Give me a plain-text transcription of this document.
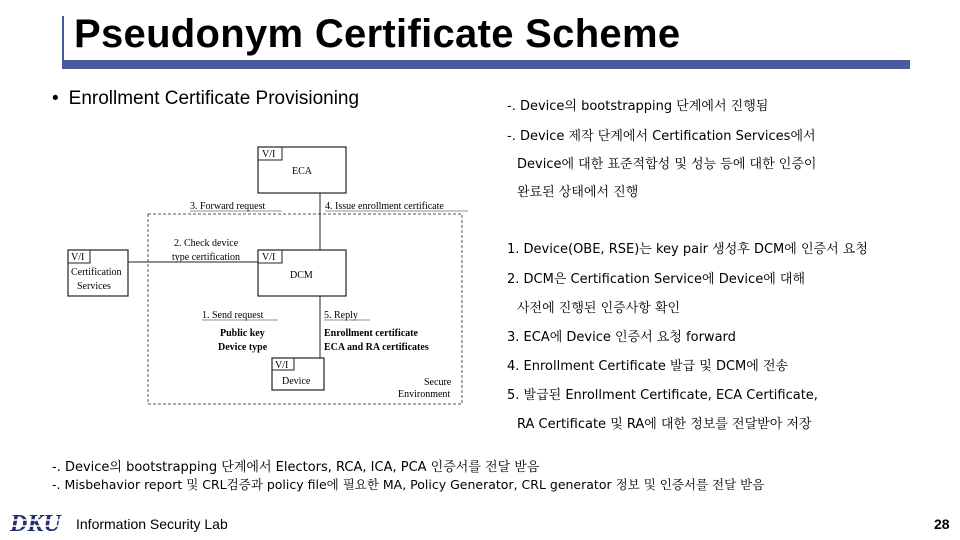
Pseudonym Certificate Scheme
• Enrollment Certificate Provisioning
V/I
ECA
3. Forward request	4. Issue enrollment certificate
2. Check device
type certification
V/I
Certification
Services
V/I
DCM
1. Send request
Public key
Device type
5. Reply
Enrollment certificate
ECA and RA certificates
V/I
Device	Secure
Environment
-. Device의 bootstrapping 단계에서 진행됨
-. Device 제작 단계에서 Certification Services에서
Device에 대한 표준적합성 및 성능 등에 대한 인증이
완료된 상태에서 진행
1. Device(OBE, RSE)는 key pair 생성후 DCM에 인증서 요청
2. DCM은 Certification Service에 Device에 대해
사전에 진행된 인증사항 확인
3. ECA에 Device 인증서 요청 forward
4. Enrollment Certificate 발급 및 DCM에 전송
5. 발급된 Enrollment Certificate, ECA Certificate,
RA Certificate 및 RA에 대한 정보를 전달받아 저장
-. Device의 bootstrapping 단계에서 Electors, RCA, ICA, PCA 인증서를 전달 받음
-. Misbehavior report 및 CRL검증과 policy file에 필요한 MA, Policy Generator, CRL generator 정보 및 인증서를 전달 받음
DKU Information Security Lab	28
